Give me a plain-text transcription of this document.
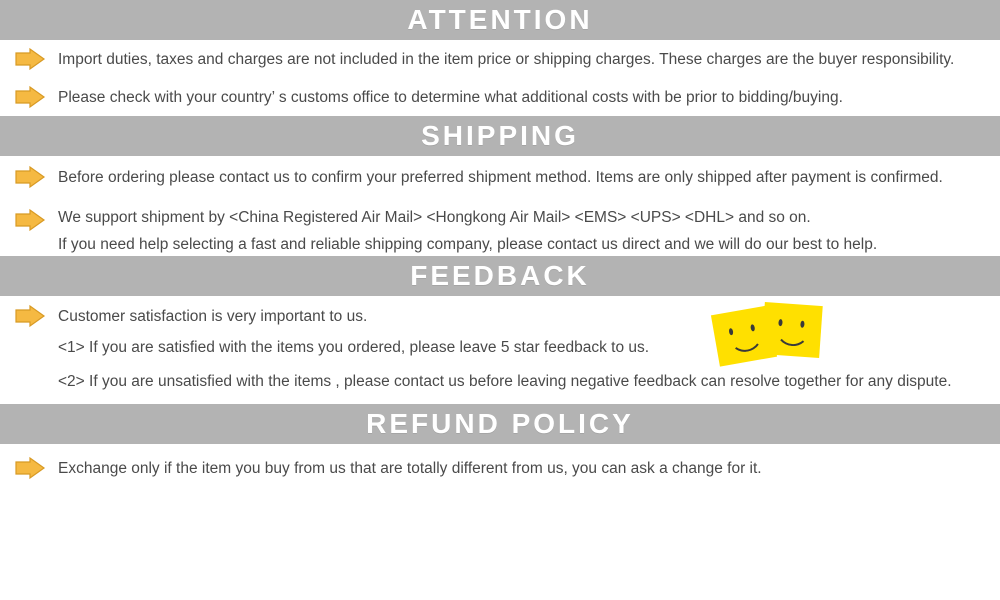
ATTENTION
Import duties, taxes and charges are not included in the item price or shipping charges. These charges are the buyer responsibility.
Please check with your country’ s customs office to determine what additional costs with be prior to bidding/buying.
SHIPPING
Before ordering please contact us to confirm your preferred shipment method. Items are only shipped after payment is confirmed.
We support shipment by <China Registered Air Mail> <Hongkong Air Mail> <EMS> <UPS> <DHL> and so on.
If you need help selecting a fast and reliable shipping company, please contact us direct and we will do our best to help.
FEEDBACK
Customer satisfaction is very important to us.
<1> If you are satisfied with the items you ordered, please leave 5 star feedback to us.
<2> If you are unsatisfied with the items , please contact us before leaving negative feedback can resolve together for any dispute.
REFUND POLICY
Exchange only if the item you buy from us that are totally different from us, you can ask a change for it.
